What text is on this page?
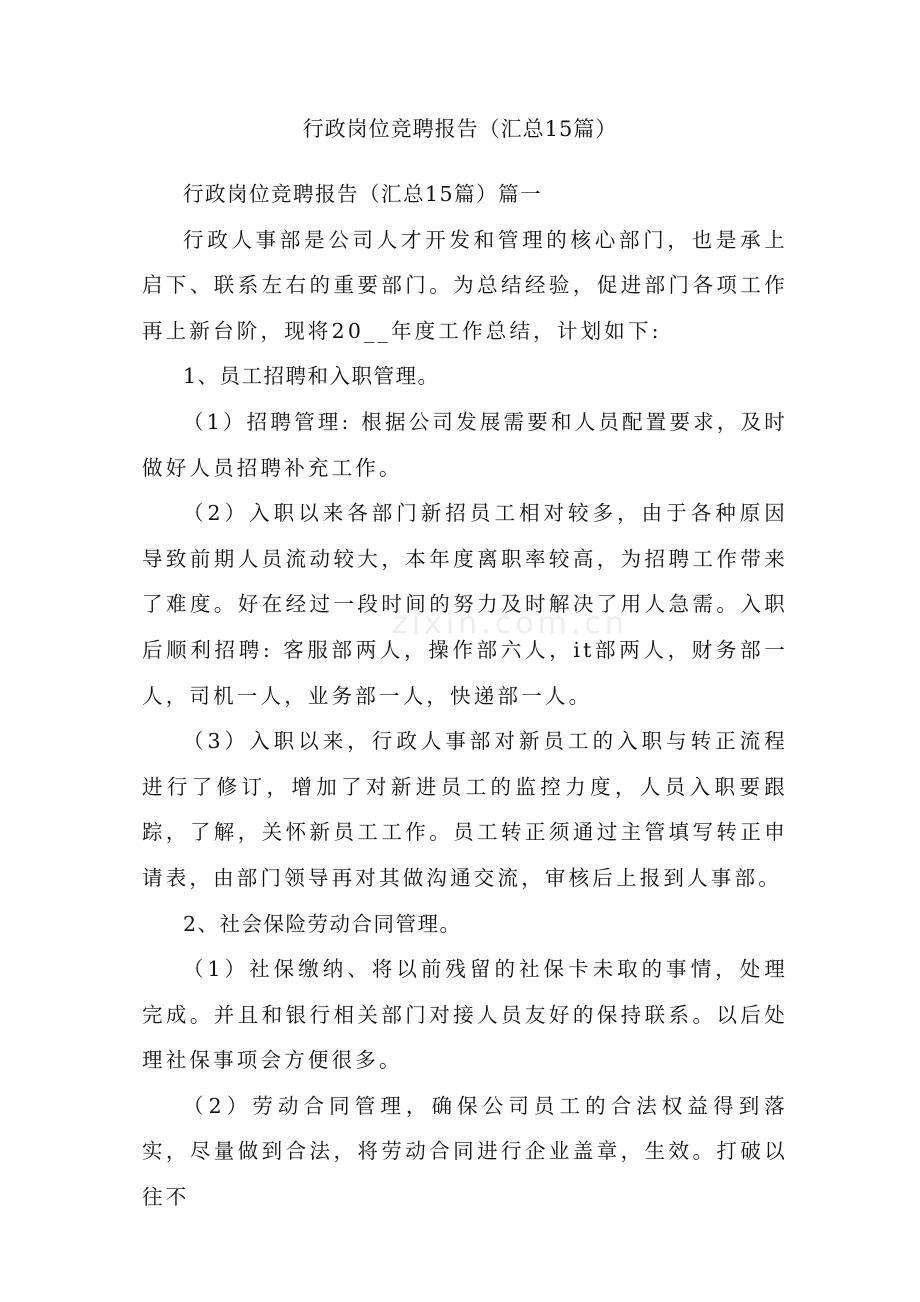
行政岗位竞聘报告（汇总15篇）
zixin.com.cn

行政岗位竞聘报告（汇总15篇）篇一

行政人事部是公司人才开发和管理的核心部门，也是承上启下、联系左右的重要部门。为总结经验，促进部门各项工作再上新台阶，现将20__年度工作总结，计划如下:

1、员工招聘和入职管理。

（1）招聘管理: 根据公司发展需要和人员配置要求，及时做好人员招聘补充工作。

（2）入职以来各部门新招员工相对较多，由于各种原因导致前期人员流动较大，本年度离职率较高，为招聘工作带来了难度。好在经过一段时间的努力及时解决了用人急需。入职后顺利招聘: 客服部两人，操作部六人，it部两人，财务部一人，司机一人，业务部一人，快递部一人。

（3）入职以来，行政人事部对新员工的入职与转正流程进行了修订，增加了对新进员工的监控力度，人员入职要跟踪，了解，关怀新员工工作。员工转正须通过主管填写转正申请表，由部门领导再对其做沟通交流，审核后上报到人事部。

2、社会保险劳动合同管理。

（1）社保缴纳、将以前残留的社保卡未取的事情，处理完成。并且和银行相关部门对接人员友好的保持联系。以后处理社保事项会方便很多。

（2）劳动合同管理，确保公司员工的合法权益得到落实，尽量做到合法，将劳动合同进行企业盖章，生效。打破以往不
